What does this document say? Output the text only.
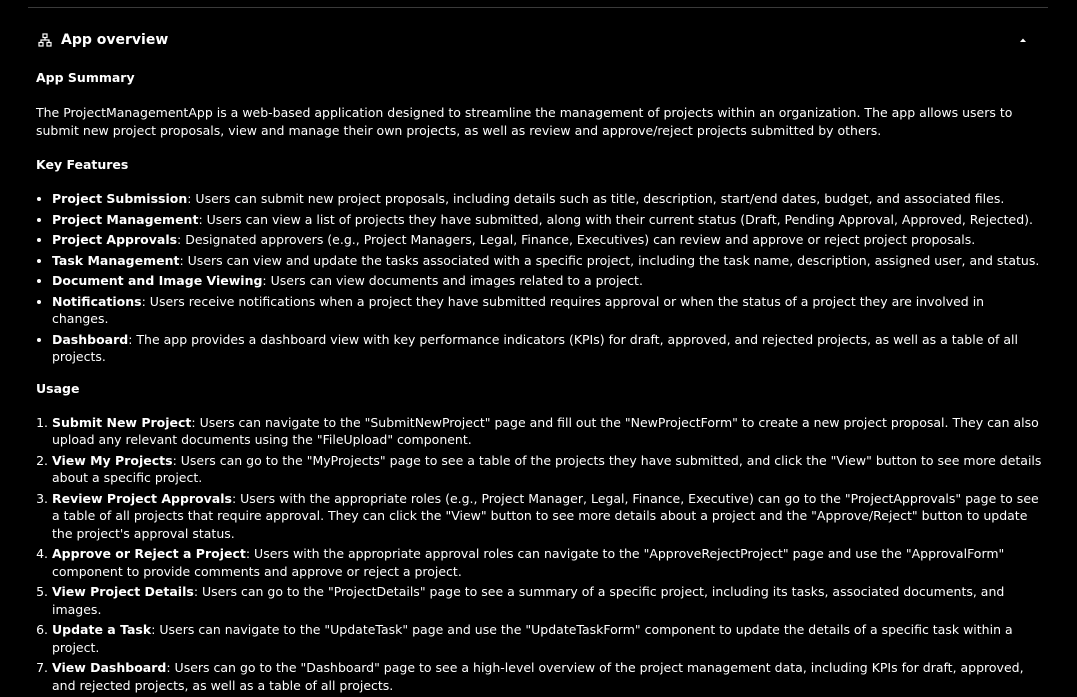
App overview
App Summary

The ProjectManagementApp is a web-based application designed to streamline the management of projects within an organization. The app allows users to submit new project proposals, view and manage their own projects, as well as review and approve/reject projects submitted by others.

Key Features
• Project Submission: Users can submit new project proposals, including details such as title, description, start/end dates, budget, and associated files.
• Project Management: Users can view a list of projects they have submitted, along with their current status (Draft, Pending Approval, Approved, Rejected).
• Project Approvals: Designated approvers (e.g., Project Managers, Legal, Finance, Executives) can review and approve or reject project proposals.
• Task Management: Users can view and update the tasks associated with a specific project, including the task name, description, assigned user, and status.
• Document and Image Viewing: Users can view documents and images related to a project.
• Notifications: Users receive notifications when a project they have submitted requires approval or when the status of a project they are involved in changes.
• Dashboard: The app provides a dashboard view with key performance indicators (KPIs) for draft, approved, and rejected projects, as well as a table of all projects.
Usage
1. Submit New Project: Users can navigate to the "SubmitNewProject" page and fill out the "NewProjectForm" to create a new project proposal. They can also upload any relevant documents using the "FileUpload" component.
2. View My Projects: Users can go to the "MyProjects" page to see a table of the projects they have submitted, and click the "View" button to see more details about a specific project.
3. Review Project Approvals: Users with the appropriate roles (e.g., Project Manager, Legal, Finance, Executive) can go to the "ProjectApprovals" page to see a table of all projects that require approval. They can click the "View" button to see more details about a project and the "Approve/Reject" button to update the project's approval status.
4. Approve or Reject a Project: Users with the appropriate approval roles can navigate to the "ApproveRejectProject" page and use the "ApprovalForm" component to provide comments and approve or reject a project.
5. View Project Details: Users can go to the "ProjectDetails" page to see a summary of a specific project, including its tasks, associated documents, and images.
6. Update a Task: Users can navigate to the "UpdateTask" page and use the "UpdateTaskForm" component to update the details of a specific task within a project.
7. View Dashboard: Users can go to the "Dashboard" page to see a high-level overview of the project management data, including KPIs for draft, approved, and rejected projects, as well as a table of all projects.
